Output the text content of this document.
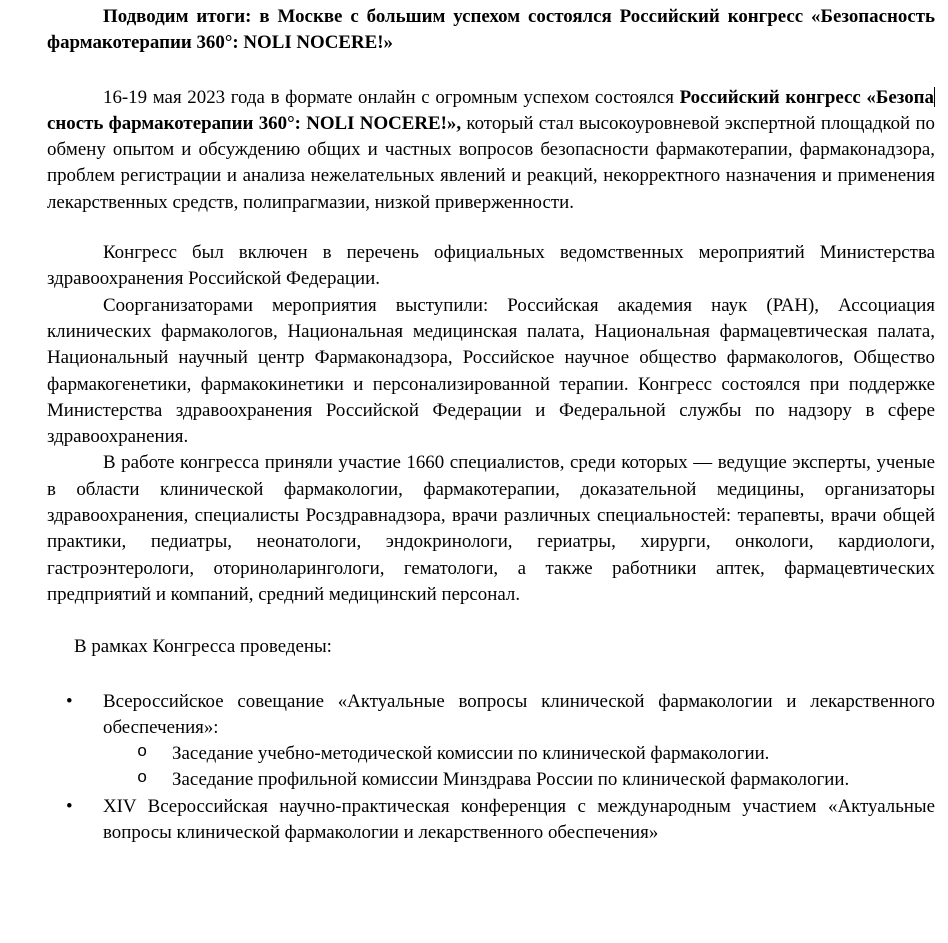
Подводим итоги: в Москве с большим успехом состоялся Российский конгресс «Безопасность фармакотерапии 360°: NOLI NOCERE!»

16-19 мая 2023 года в формате онлайн с огромным успехом состоялся Российский конгресс «Безопасность фармакотерапии 360°: NOLI NOCERE!», который стал высокоуровневой экспертной площадкой по обмену опытом и обсуждению общих и частных вопросов безопасности фармакотерапии, фармаконадзора, проблем регистрации и анализа нежелательных явлений и реакций, некорректного назначения и применения лекарственных средств, полипрагмазии, низкой приверженности.

Конгресс был включен в перечень официальных ведомственных мероприятий Министерства здравоохранения Российской Федерации.

Соорганизаторами мероприятия выступили: Российская академия наук (РАН), Ассоциация клинических фармакологов, Национальная медицинская палата, Национальная фармацевтическая палата, Национальный научный центр Фармаконадзора, Российское научное общество фармакологов, Общество фармакогенетики, фармакокинетики и персонализированной терапии. Конгресс состоялся при поддержке Министерства здравоохранения Российской Федерации и Федеральной службы по надзору в сфере здравоохранения.

В работе конгресса приняли участие 1660 специалистов, среди которых — ведущие эксперты, ученые в области клинической фармакологии, фармакотерапии, доказательной медицины, организаторы здравоохранения, специалисты Росздравнадзора, врачи различных специальностей: терапевты, врачи общей практики, педиатры, неонатологи, эндокринологи, гериатры, хирурги, онкологи, кардиологи, гастроэнтерологи, оториноларингологи, гематологи, а также работники аптек, фармацевтических предприятий и компаний, средний медицинский персонал.

В рамках Конгресса проведены:

• Всероссийское совещание «Актуальные вопросы клинической фармакологии и лекарственного обеспечения»:
o Заседание учебно-методической комиссии по клинической фармакологии.
o Заседание профильной комиссии Минздрава России по клинической фармакологии.
• XIV Всероссийская научно-практическая конференция с международным участием «Актуальные вопросы клинической фармакологии и лекарственного обеспечения»
